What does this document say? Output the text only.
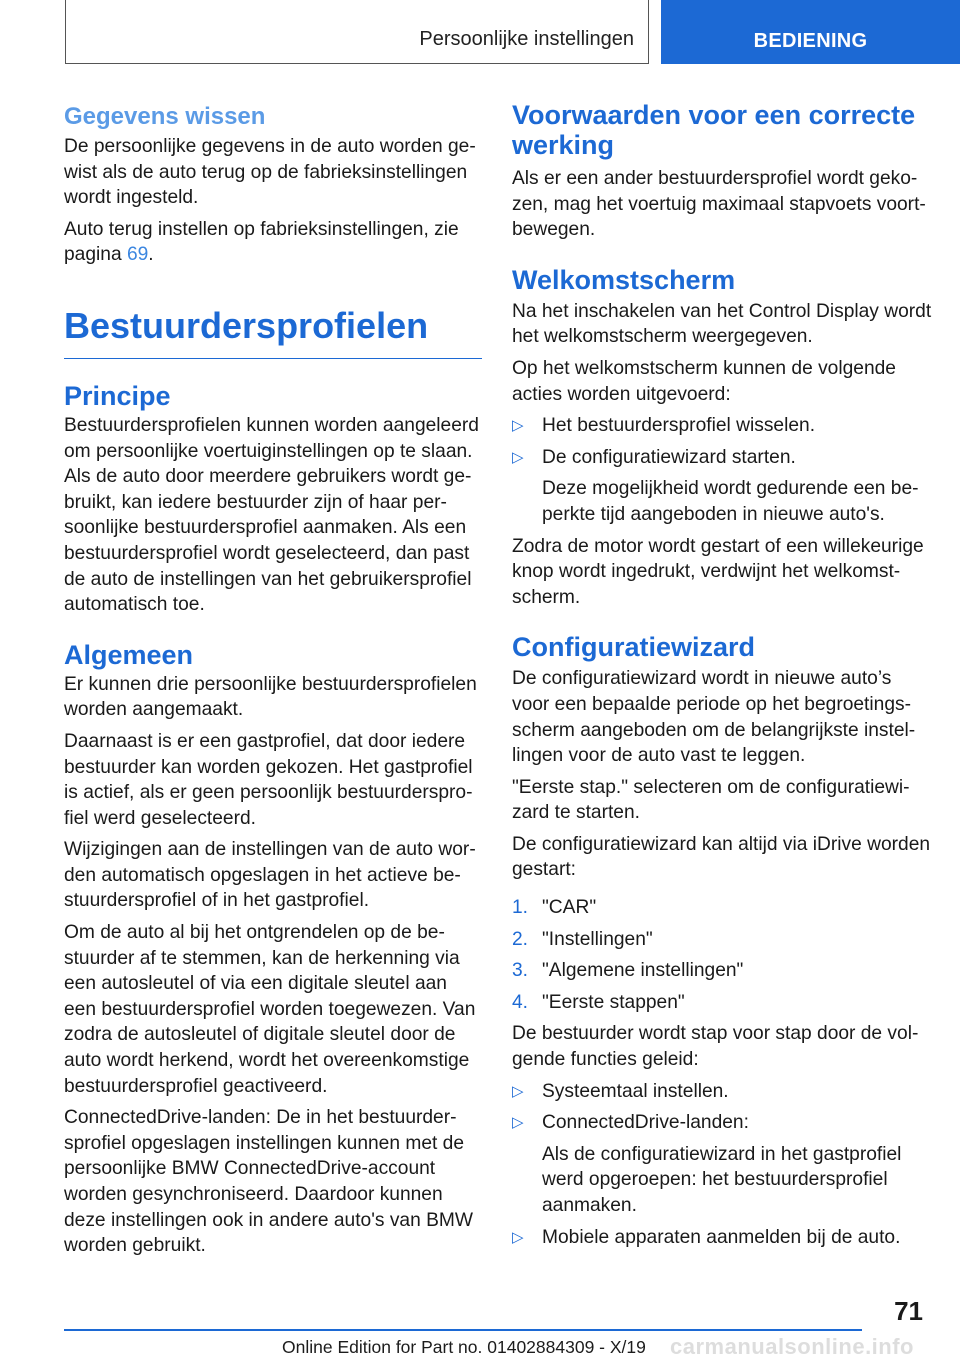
Persoonlijke instellingen	BEDIENING
Gegevens wissen

De persoonlijke gegevens in de auto worden gewist als de auto terug op de fabrieksinstellingen wordt ingesteld.

Auto terug instellen op fabrieksinstellingen, zie pagina 69.

Bestuurdersprofielen
Principe

Bestuurdersprofielen kunnen worden aangeleerd om persoonlijke voertuiginstellingen op te slaan. Als de auto door meerdere gebruikers wordt gebruikt, kan iedere bestuurder zijn of haar persoonlijke bestuurdersprofiel aanmaken. Als een bestuurdersprofiel wordt geselecteerd, dan past de auto de instellingen van het gebruikersprofiel automatisch toe.

Algemeen

Er kunnen drie persoonlijke bestuurdersprofielen worden aangemaakt.

Daarnaast is er een gastprofiel, dat door iedere bestuurder kan worden gekozen. Het gastprofiel is actief, als er geen persoonlijk bestuurdersprofiel werd geselecteerd.

Wijzigingen aan de instellingen van de auto worden automatisch opgeslagen in het actieve bestuurdersprofiel of in het gastprofiel.

Om de auto al bij het ontgrendelen op de bestuurder af te stemmen, kan de herkenning via een autosleutel of via een digitale sleutel aan een bestuurdersprofiel worden toegewezen. Van zodra de autosleutel of digitale sleutel door de auto wordt herkend, wordt het overeenkomstige bestuurdersprofiel geactiveerd.

ConnectedDrive-landen: De in het bestuurdersprofiel opgeslagen instellingen kunnen met de persoonlijke BMW ConnectedDrive-account worden gesynchroniseerd. Daardoor kunnen deze instellingen ook in andere auto's van BMW worden gebruikt.

Voorwaarden voor een correcte werking

Als er een ander bestuurdersprofiel wordt gekozen, mag het voertuig maximaal stapvoets voortbewegen.

Welkomstscherm

Na het inschakelen van het Control Display wordt het welkomstscherm weergegeven.

Op het welkomstscherm kunnen de volgende acties worden uitgevoerd:

▷ Het bestuurdersprofiel wisselen.
▷ De configuratiewizard starten.

Deze mogelijkheid wordt gedurende een beperkte tijd aangeboden in nieuwe auto's.

Zodra de motor wordt gestart of een willekeurige knop wordt ingedrukt, verdwijnt het welkomstscherm.

Configuratiewizard

De configuratiewizard wordt in nieuwe auto’s voor een bepaalde periode op het begroetingsscherm aangeboden om de belangrijkste instellingen voor de auto vast te leggen.

"Eerste stap." selecteren om de configuratiewizard te starten.

De configuratiewizard kan altijd via iDrive worden gestart:

1. "CAR"
2. "Instellingen"
3. "Algemene instellingen"
4. "Eerste stappen"

De bestuurder wordt stap voor stap door de volgende functies geleid:

▷ Systeemtaal instellen.
▷ ConnectedDrive-landen:

Als de configuratiewizard in het gastprofiel werd opgeroepen: het bestuurdersprofiel aanmaken.

▷ Mobiele apparaten aanmelden bij de auto.
71
Online Edition for Part no. 01402884309 - X/19 carmanualsonline.info
